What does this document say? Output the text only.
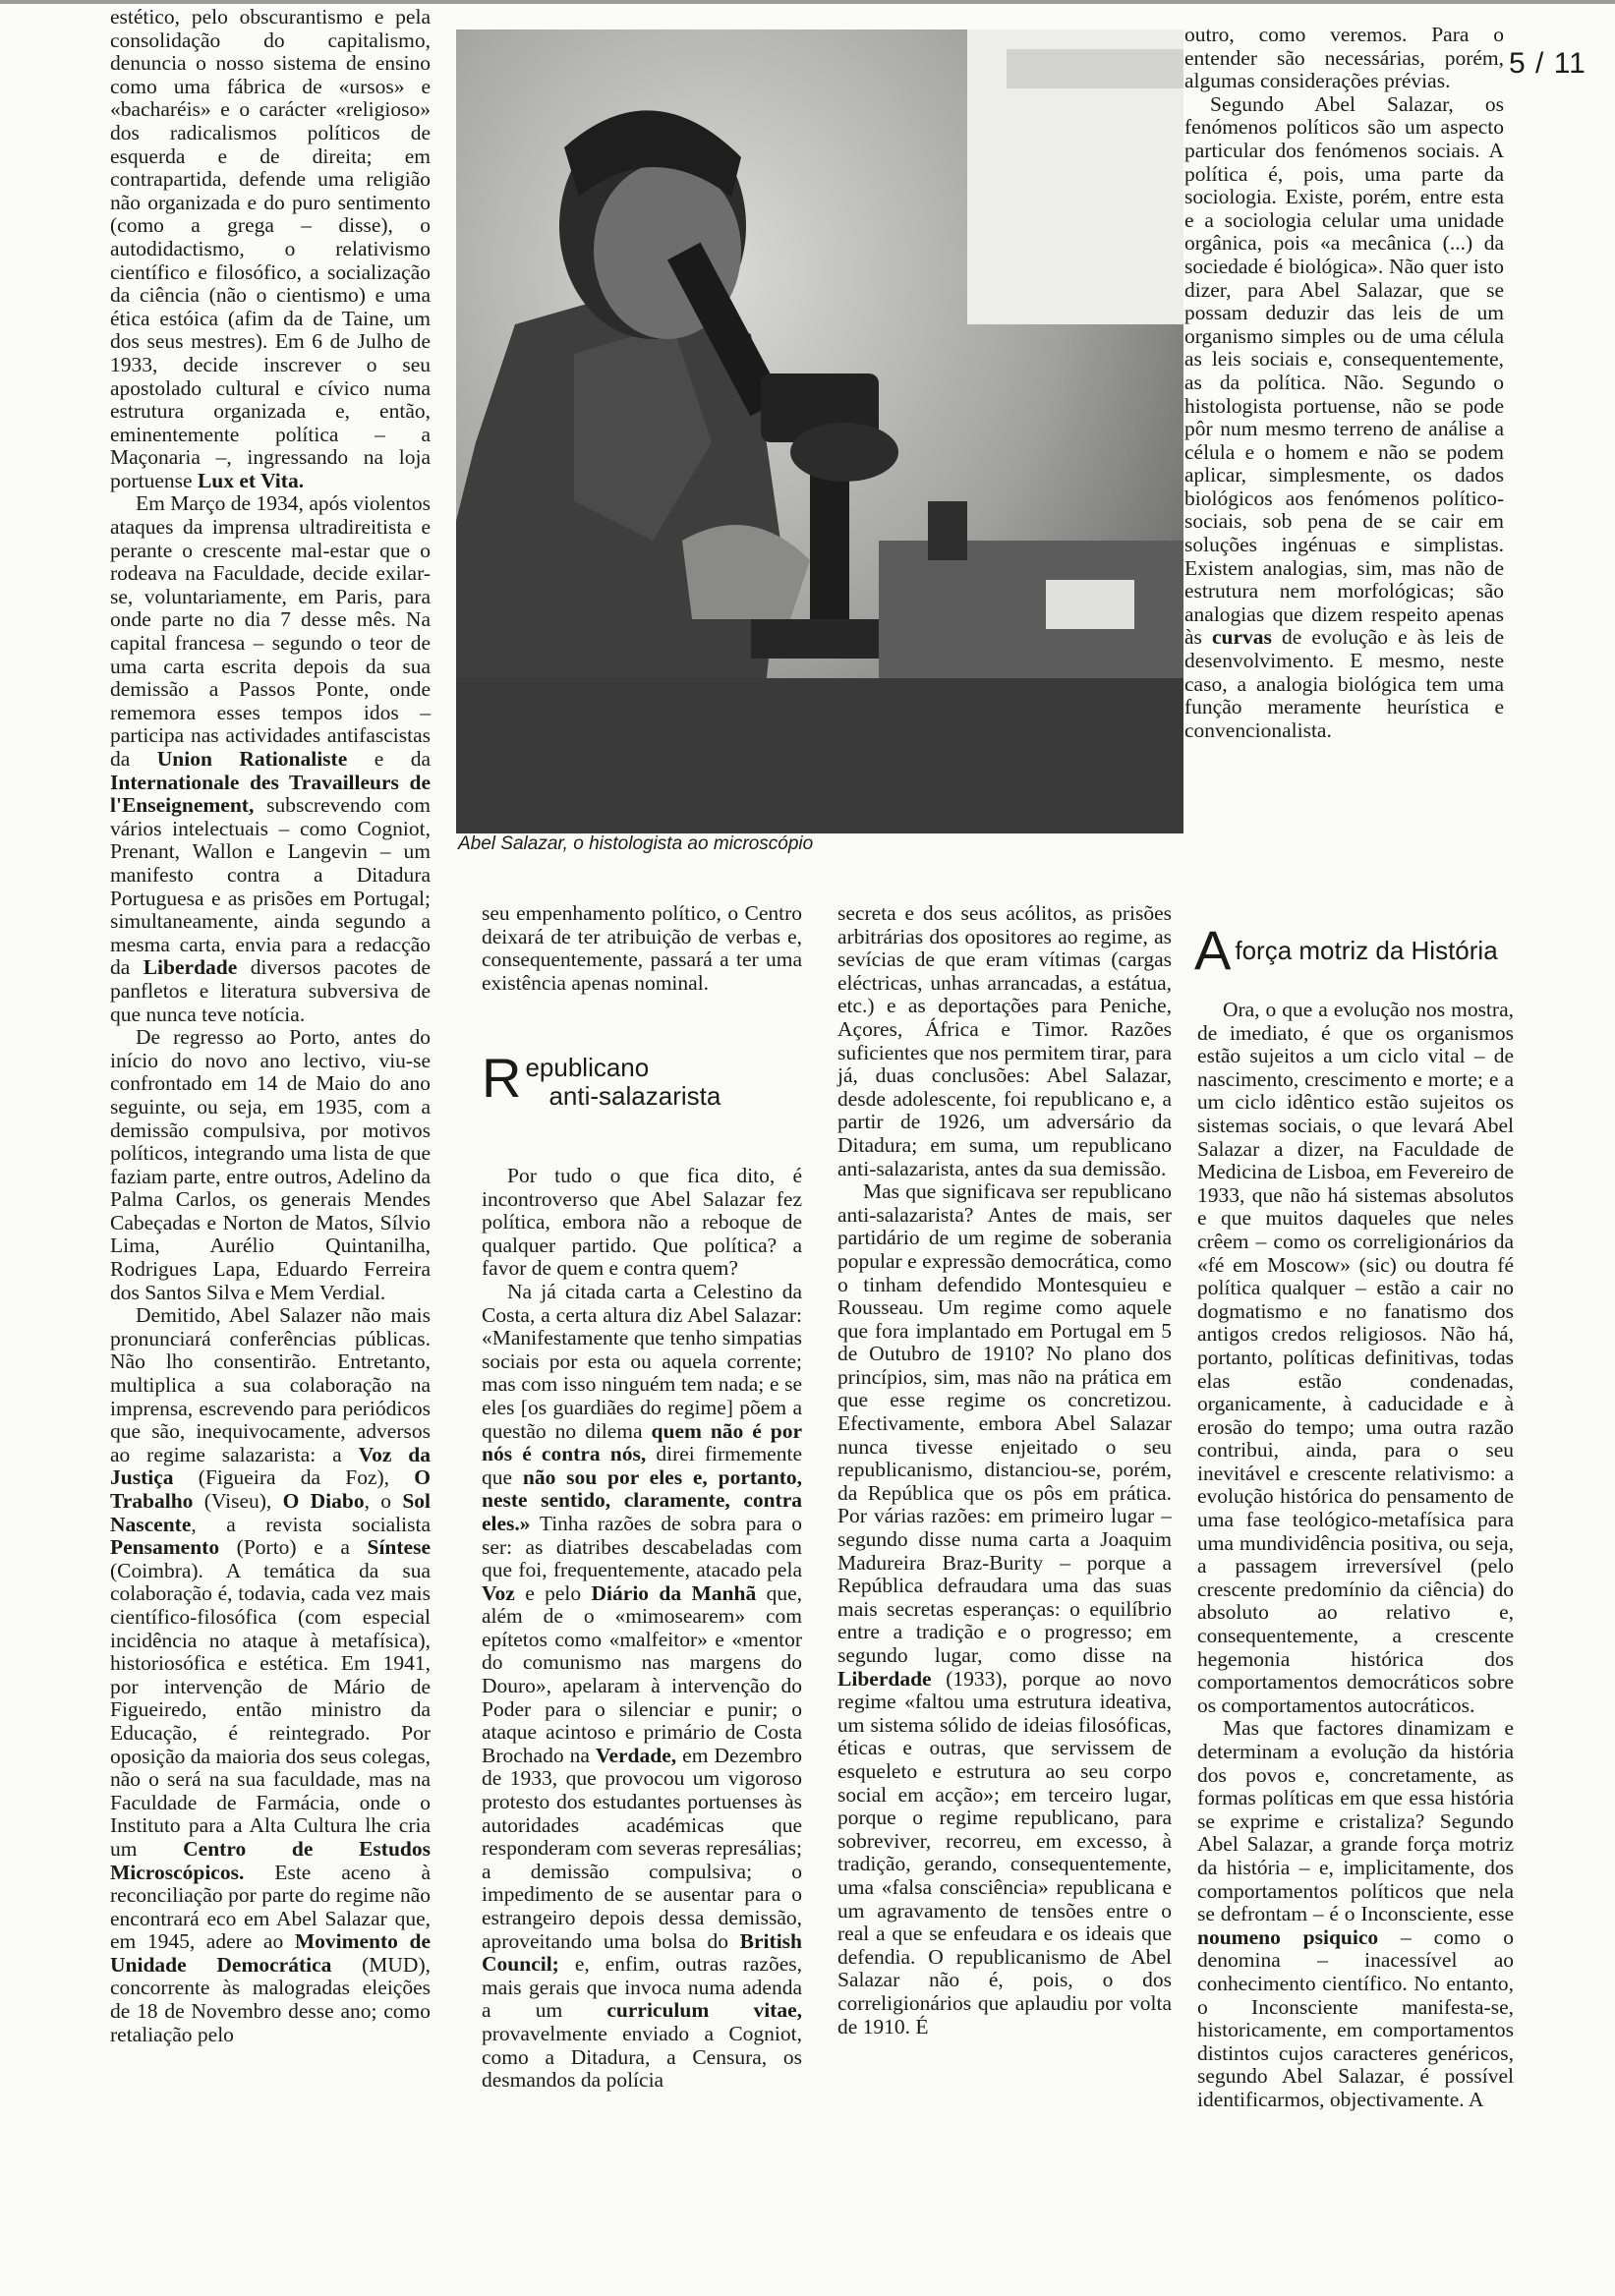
5 / 11
Abel Salazar, o histologista ao microscópio

estético, pelo obscurantismo e pela consolidação do capitalismo, denuncia o nosso sistema de ensino como uma fábrica de «ursos» e «bacharéis» e o carácter «religioso» dos radicalismos políticos de esquerda e de direita; em contrapartida, defende uma religião não organizada e do puro sentimento (como a grega – disse), o autodidactismo, o relativismo científico e filosófico, a socialização da ciência (não o cientismo) e uma ética estóica (afim da de Taine, um dos seus mestres). Em 6 de Julho de 1933, decide inscrever o seu apostolado cultural e cívico numa estrutura organizada e, então, eminentemente política – a Maçonaria –, ingressando na loja portuense Lux et Vita.

Em Março de 1934, após violentos ataques da imprensa ultradireitista e perante o crescente mal-estar que o rodeava na Faculdade, decide exilar-se, voluntariamente, em Paris, para onde parte no dia 7 desse mês. Na capital francesa – segundo o teor de uma carta escrita depois da sua demissão a Passos Ponte, onde rememora esses tempos idos – participa nas actividades antifascistas da Union Rationaliste e da Internationale des Travailleurs de l'Enseignement, subscrevendo com vários intelectuais – como Cogniot, Prenant, Wallon e Langevin – um manifesto contra a Ditadura Portuguesa e as prisões em Portugal; simultaneamente, ainda segundo a mesma carta, envia para a redacção da Liberdade diversos pacotes de panfletos e literatura subversiva de que nunca teve notícia.

De regresso ao Porto, antes do início do novo ano lectivo, viu-se confrontado em 14 de Maio do ano seguinte, ou seja, em 1935, com a demissão compulsiva, por motivos políticos, integrando uma lista de que faziam parte, entre outros, Adelino da Palma Carlos, os generais Mendes Cabeçadas e Norton de Matos, Sílvio Lima, Aurélio Quintanilha, Rodrigues Lapa, Eduardo Ferreira dos Santos Silva e Mem Verdial.

Demitido, Abel Salazer não mais pronunciará conferências públicas. Não lho consentirão. Entretanto, multiplica a sua colaboração na imprensa, escrevendo para periódicos que são, inequivocamente, adversos ao regime salazarista: a Voz da Justiça (Figueira da Foz), O Trabalho (Viseu), O Diabo, o Sol Nascente, a revista socialista Pensamento (Porto) e a Síntese (Coimbra). A temática da sua colaboração é, todavia, cada vez mais científico-filosófica (com especial incidência no ataque à metafísica), historiosófica e estética. Em 1941, por intervenção de Mário de Figueiredo, então ministro da Educação, é reintegrado. Por oposição da maioria dos seus colegas, não o será na sua faculdade, mas na Faculdade de Farmácia, onde o Instituto para a Alta Cultura lhe cria um Centro de Estudos Microscópicos. Este aceno à reconciliação por parte do regime não encontrará eco em Abel Salazar que, em 1945, adere ao Movimento de Unidade Democrática (MUD), concorrente às malogradas eleições de 18 de Novembro desse ano; como retaliação pelo

seu empenhamento político, o Centro deixará de ter atribuição de verbas e, consequentemente, passará a ter uma existência apenas nominal.

Republicano
anti-salazarista

Por tudo o que fica dito, é incontroverso que Abel Salazar fez política, embora não a reboque de qualquer partido. Que política? a favor de quem e contra quem?

Na já citada carta a Celestino da Costa, a certa altura diz Abel Salazar: «Manifestamente que tenho simpatias sociais por esta ou aquela corrente; mas com isso ninguém tem nada; e se eles [os guardiães do regime] põem a questão no dilema quem não é por nós é contra nós, direi firmemente que não sou por eles e, portanto, neste sentido, claramente, contra eles.» Tinha razões de sobra para o ser: as diatribes descabeladas com que foi, frequentemente, atacado pela Voz e pelo Diário da Manhã que, além de o «mimosearem» com epítetos como «malfeitor» e «mentor do comunismo nas margens do Douro», apelaram à intervenção do Poder para o silenciar e punir; o ataque acintoso e primário de Costa Brochado na Verdade, em Dezembro de 1933, que provocou um vigoroso protesto dos estudantes portuenses às autoridades académicas que responderam com severas represálias; a demissão compulsiva; o impedimento de se ausentar para o estrangeiro depois dessa demissão, aproveitando uma bolsa do British Council; e, enfim, outras razões, mais gerais que invoca numa adenda a um curriculum vitae, provavelmente enviado a Cogniot, como a Ditadura, a Censura, os desmandos da polícia

secreta e dos seus acólitos, as prisões arbitrárias dos opositores ao regime, as sevícias de que eram vítimas (cargas eléctricas, unhas arrancadas, a estátua, etc.) e as deportações para Peniche, Açores, África e Timor. Razões suficientes que nos permitem tirar, para já, duas conclusões: Abel Salazar, desde adolescente, foi republicano e, a partir de 1926, um adversário da Ditadura; em suma, um republicano anti-salazarista, antes da sua demissão.

Mas que significava ser republicano anti-salazarista? Antes de mais, ser partidário de um regime de soberania popular e expressão democrática, como o tinham defendido Montesquieu e Rousseau. Um regime como aquele que fora implantado em Portugal em 5 de Outubro de 1910? No plano dos princípios, sim, mas não na prática em que esse regime os concretizou. Efectivamente, embora Abel Salazar nunca tivesse enjeitado o seu republicanismo, distanciou-se, porém, da República que os pôs em prática. Por várias razões: em primeiro lugar – segundo disse numa carta a Joaquim Madureira Braz-Burity – porque a República defraudara uma das suas mais secretas esperanças: o equilíbrio entre a tradição e o progresso; em segundo lugar, como disse na Liberdade (1933), porque ao novo regime «faltou uma estrutura ideativa, um sistema sólido de ideias filosóficas, éticas e outras, que servissem de esqueleto e estrutura ao seu corpo social em acção»; em terceiro lugar, porque o regime republicano, para sobreviver, recorreu, em excesso, à tradição, gerando, consequentemente, uma «falsa consciência» republicana e um agravamento de tensões entre o real a que se enfeudara e os ideais que defendia. O republicanismo de Abel Salazar não é, pois, o dos correligionários que aplaudiu por volta de 1910. É

outro, como veremos. Para o entender são necessárias, porém, algumas considerações prévias.

Segundo Abel Salazar, os fenómenos políticos são um aspecto particular dos fenómenos sociais. A política é, pois, uma parte da sociologia. Existe, porém, entre esta e a sociologia celular uma unidade orgânica, pois «a mecânica (...) da sociedade é biológica». Não quer isto dizer, para Abel Salazar, que se possam deduzir das leis de um organismo simples ou de uma célula as leis sociais e, consequentemente, as da política. Não. Segundo o histologista portuense, não se pode pôr num mesmo terreno de análise a célula e o homem e não se podem aplicar, simplesmente, os dados biológicos aos fenómenos político-sociais, sob pena de se cair em soluções ingénuas e simplistas. Existem analogias, sim, mas não de estrutura nem morfológicas; são analogias que dizem respeito apenas às curvas de evolução e às leis de desenvolvimento. E mesmo, neste caso, a analogia biológica tem uma função meramente heurística e convencionalista.

A força motriz da História

Ora, o que a evolução nos mostra, de imediato, é que os organismos estão sujeitos a um ciclo vital – de nascimento, crescimento e morte; e a um ciclo idêntico estão sujeitos os sistemas sociais, o que levará Abel Salazar a dizer, na Faculdade de Medicina de Lisboa, em Fevereiro de 1933, que não há sistemas absolutos e que muitos daqueles que neles crêem – como os correligionários da «fé em Moscow» (sic) ou doutra fé política qualquer – estão a cair no dogmatismo e no fanatismo dos antigos credos religiosos. Não há, portanto, políticas definitivas, todas elas estão condenadas, organicamente, à caducidade e à erosão do tempo; uma outra razão contribui, ainda, para o seu inevitável e crescente relativismo: a evolução histórica do pensamento de uma fase teológico-metafísica para uma mundividência positiva, ou seja, a passagem irreversível (pelo crescente predomínio da ciência) do absoluto ao relativo e, consequentemente, a crescente hegemonia histórica dos comportamentos democráticos sobre os comportamentos autocráticos.

Mas que factores dinamizam e determinam a evolução da história dos povos e, concretamente, as formas políticas em que essa história se exprime e cristaliza? Segundo Abel Salazar, a grande força motriz da história – e, implicitamente, dos comportamentos políticos que nela se defrontam – é o Inconsciente, esse noumeno psiquico – como o denomina – inacessível ao conhecimento científico. No entanto, o Inconsciente manifesta-se, historicamente, em comportamentos distintos cujos caracteres genéricos, segundo Abel Salazar, é possível identificarmos, objectivamente. A
